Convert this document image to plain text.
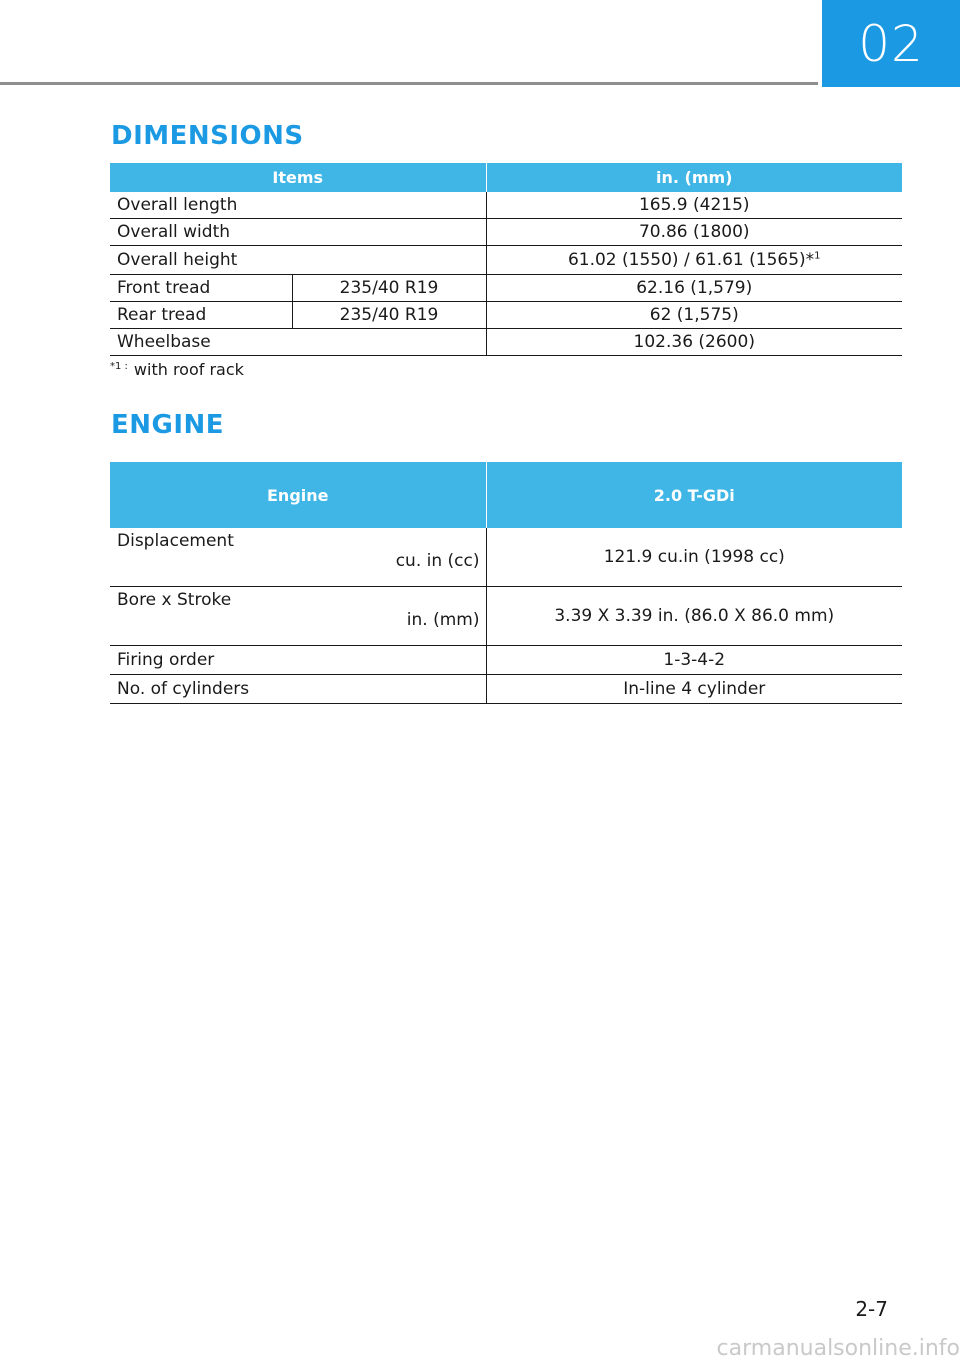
02
DIMENSIONS
Items		in. (mm)
Overall length		165.9 (4215)
Overall width		70.86 (1800)
Overall height		61.02 (1550) / 61.61 (1565)*$^1$
Front tread	235/40 R19	62.16 (1,579)
Rear tread	235/40 R19	62 (1,575)
Wheelbase		102.36 (2600)
$^{*1 :}$ with roof rack
ENGINE
Engine	2.0 T-GDi
Displacement
cu. in (cc)	121.9 cu.in (1998 cc)
Bore x Stroke
in. (mm)	3.39 X 3.39 in. (86.0 X 86.0 mm)
Firing order	1-3-4-2
No. of cylinders	In-line 4 cylinder
2-7
carmanualsonline.info
